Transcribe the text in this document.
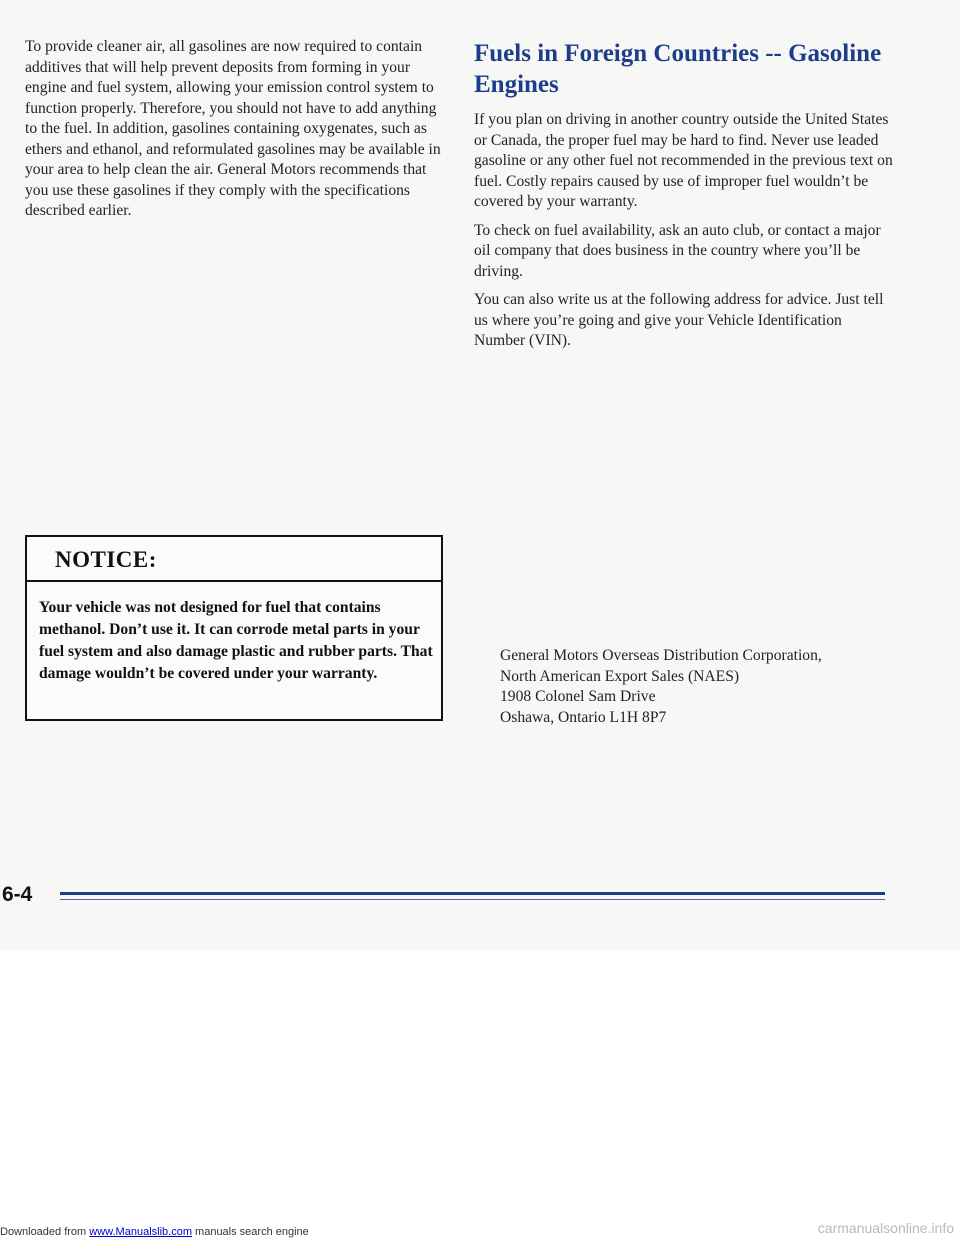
To provide cleaner air, all gasolines are now required to contain additives that will help prevent deposits from forming in your engine and fuel system, allowing your emission control system to function properly. Therefore, you should not have to add anything to the fuel. In addition, gasolines containing oxygenates, such as ethers and ethanol, and reformulated gasolines may be available in your area to help clean the air. General Motors recommends that you use these gasolines if they comply with the specifications described earlier.

NOTICE:

Your vehicle was not designed for fuel that contains methanol. Don’t use it. It can corrode metal parts in your fuel system and also damage plastic and rubber parts. That damage wouldn’t be covered under your warranty.

Fuels in Foreign Countries -- Gasoline Engines

If you plan on driving in another country outside the United States or Canada, the proper fuel may be hard to find. Never use leaded gasoline or any other fuel not recommended in the previous text on fuel. Costly repairs caused by use of improper fuel wouldn’t be covered by your warranty.

To check on fuel availability, ask an auto club, or contact a major oil company that does business in the country where you’ll be driving.

You can also write us at the following address for advice. Just tell us where you’re going and give your Vehicle Identification Number (VIN).

General Motors Overseas Distribution Corporation,
North American Export Sales (NAES)
1908 Colonel Sam Drive
Oshawa, Ontario L1H 8P7
6-4
Downloaded from www.Manualslib.com manuals search engine	carmanualsonline.info
